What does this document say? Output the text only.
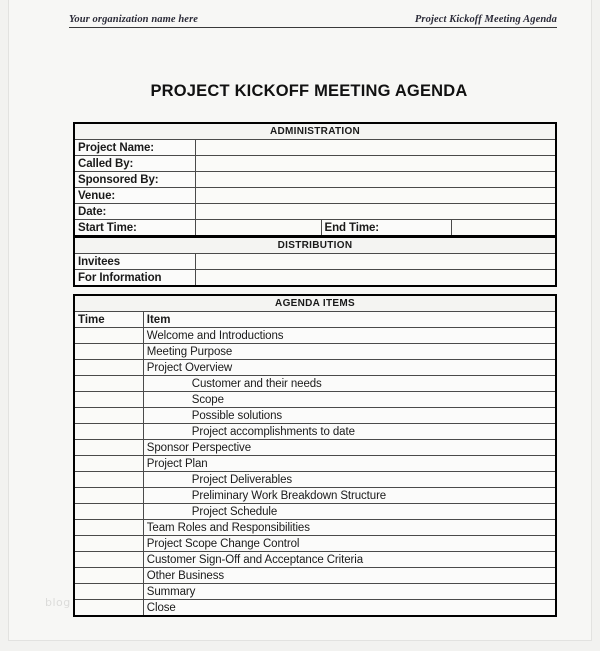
Your organization name here	Project Kickoff Meeting Agenda
PROJECT KICKOFF MEETING AGENDA
ADMINISTRATION			
Project Name:			
Called By:			
Sponsored By:			
Venue:			
Date:			
Start Time:		End Time:	
DISTRIBUTION	
Invitees	
For Information	
AGENDA ITEMS	
Time	Item
	Welcome and Introductions
	Meeting Purpose
	Project Overview
	Customer and their needs
	Scope
	Possible solutions
	Project accomplishments to date
	Sponsor Perspective
	Project Plan
	Project Deliverables
	Preliminary Work Breakdown Structure
	Project Schedule
	Team Roles and Responsibilities
	Project Scope Change Control
	Customer Sign-Off and Acceptance Criteria
	Other Business
	Summary
	Close
blog
